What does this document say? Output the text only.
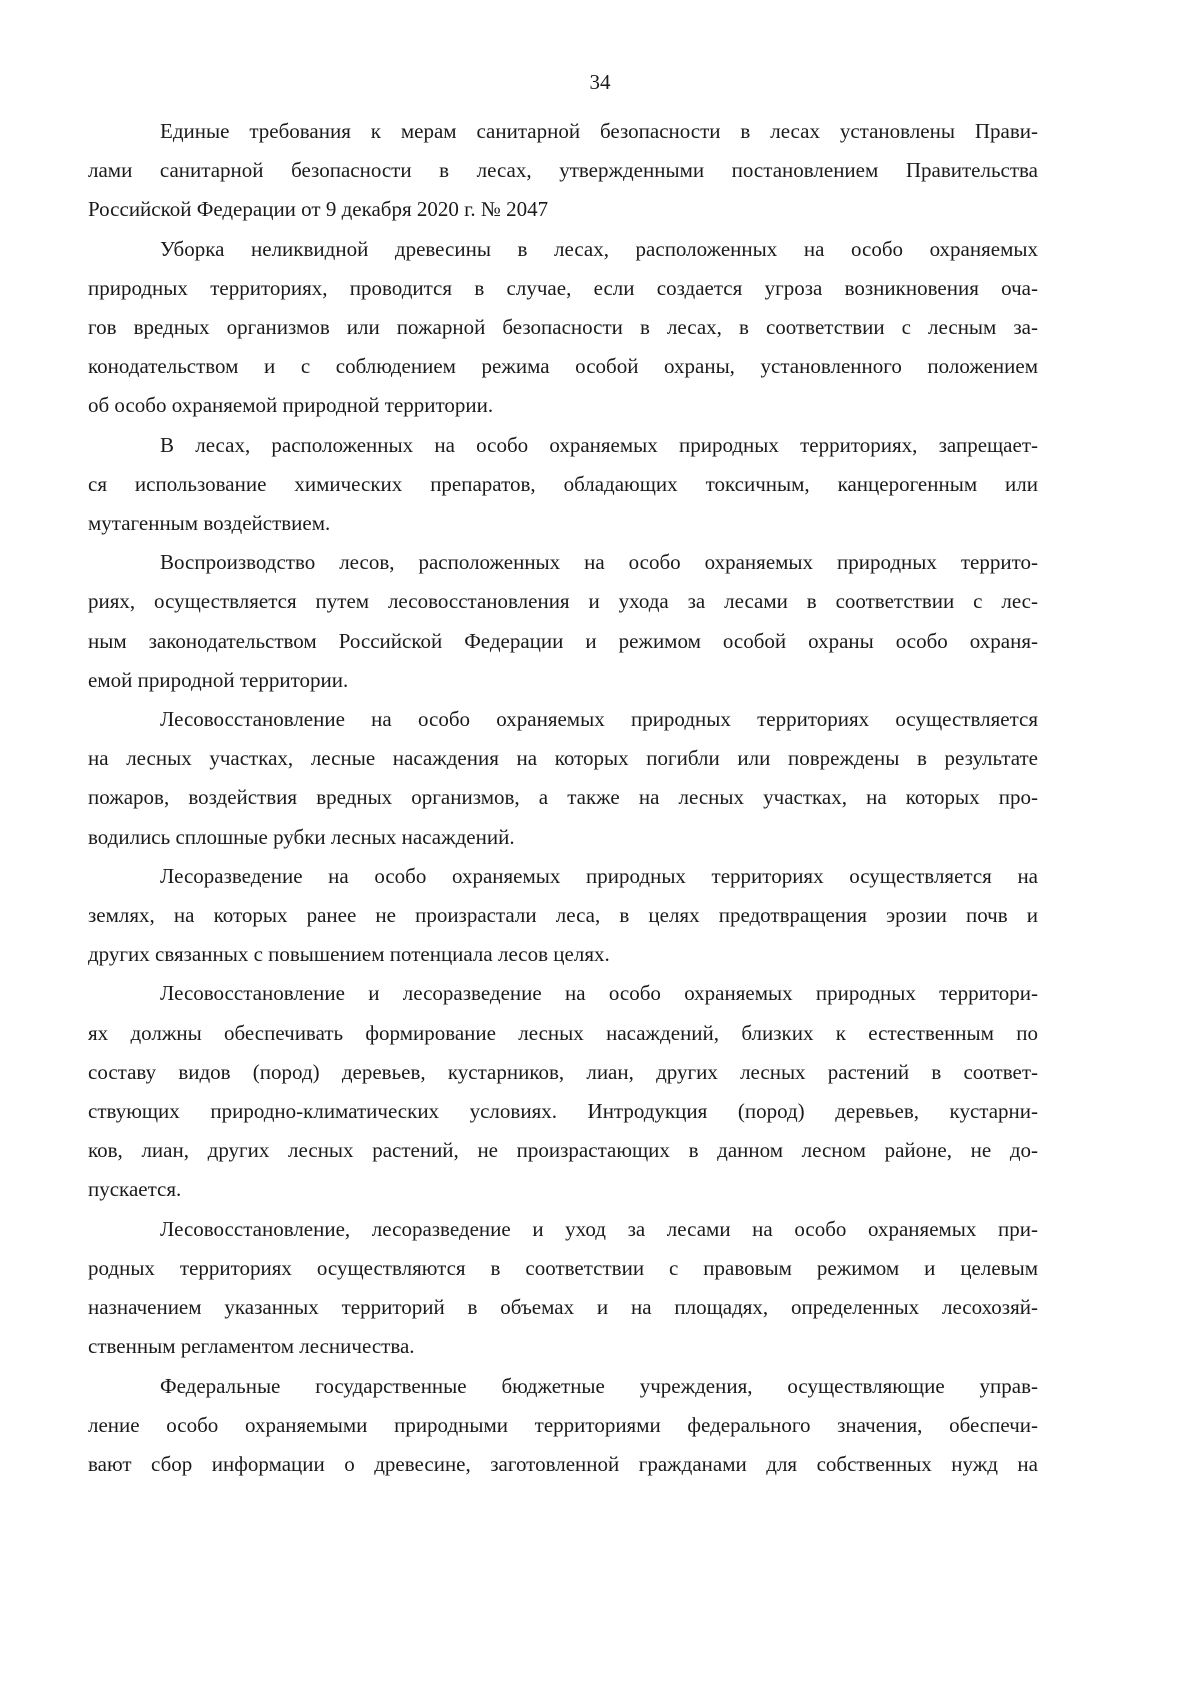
34
Единые требования к мерам санитарной безопасности в лесах установлены Прави-
лами санитарной безопасности в лесах, утвержденными постановлением Правительства
Российской Федерации от 9 декабря 2020 г. № 2047
Уборка неликвидной древесины в лесах, расположенных на особо охраняемых
природных территориях, проводится в случае, если создается угроза возникновения оча-
гов вредных организмов или пожарной безопасности в лесах, в соответствии с лесным за-
конодательством и с соблюдением режима особой охраны, установленного положением
об особо охраняемой природной территории.
В лесах, расположенных на особо охраняемых природных территориях, запрещает-
ся использование химических препаратов, обладающих токсичным, канцерогенным или
мутагенным воздействием.
Воспроизводство лесов, расположенных на особо охраняемых природных террито-
риях, осуществляется путем лесовосстановления и ухода за лесами в соответствии с лес-
ным законодательством Российской Федерации и режимом особой охраны особо охраня-
емой природной территории.
Лесовосстановление на особо охраняемых природных территориях осуществляется
на лесных участках, лесные насаждения на которых погибли или повреждены в результате
пожаров, воздействия вредных организмов, а также на лесных участках, на которых про-
водились сплошные рубки лесных насаждений.
Лесоразведение на особо охраняемых природных территориях осуществляется на
землях, на которых ранее не произрастали леса, в целях предотвращения эрозии почв и
других связанных с повышением потенциала лесов целях.
Лесовосстановление и лесоразведение на особо охраняемых природных территори-
ях должны обеспечивать формирование лесных насаждений, близких к естественным по
составу видов (пород) деревьев, кустарников, лиан, других лесных растений в соответ-
ствующих природно-климатических условиях. Интродукция (пород) деревьев, кустарни-
ков, лиан, других лесных растений, не произрастающих в данном лесном районе, не до-
пускается.
Лесовосстановление, лесоразведение и уход за лесами на особо охраняемых при-
родных территориях осуществляются в соответствии с правовым режимом и целевым
назначением указанных территорий в объемах и на площадях, определенных лесохозяй-
ственным регламентом лесничества.
Федеральные государственные бюджетные учреждения, осуществляющие управ-
ление особо охраняемыми природными территориями федерального значения, обеспечи-
вают сбор информации о древесине, заготовленной гражданами для собственных нужд на
